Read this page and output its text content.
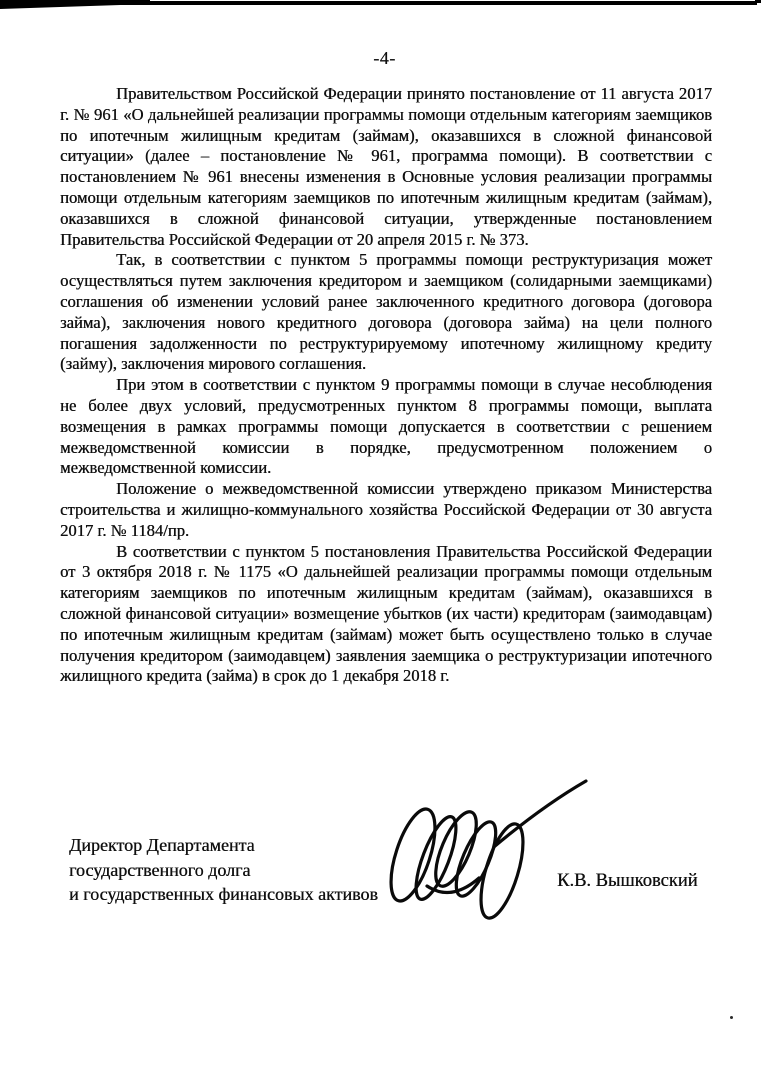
-4-

Правительством Российской Федерации принято постановление от 11 августа 2017 г. № 961 «О дальнейшей реализации программы помощи отдельным категориям заемщиков по ипотечным жилищным кредитам (займам), оказавшихся в сложной финансовой ситуации» (далее – постановление № 961, программа помощи). В соответствии с постановлением № 961 внесены изменения в Основные условия реализации программы помощи отдельным категориям заемщиков по ипотечным жилищным кредитам (займам), оказавшихся в сложной финансовой ситуации, утвержденные постановлением Правительства Российской Федерации от 20 апреля 2015 г. № 373.

Так, в соответствии с пунктом 5 программы помощи реструктуризация может осуществляться путем заключения кредитором и заемщиком (солидарными заемщиками) соглашения об изменении условий ранее заключенного кредитного договора (договора займа), заключения нового кредитного договора (договора займа) на цели полного погашения задолженности по реструктурируемому ипотечному жилищному кредиту (займу), заключения мирового соглашения.

При этом в соответствии с пунктом 9 программы помощи в случае несоблюдения не более двух условий, предусмотренных пунктом 8 программы помощи, выплата возмещения в рамках программы помощи допускается в соответствии с решением межведомственной комиссии в порядке, предусмотренном положением о межведомственной комиссии.

Положение о межведомственной комиссии утверждено приказом Министерства строительства и жилищно-коммунального хозяйства Российской Федерации от 30 августа 2017 г. № 1184/пр.

В соответствии с пунктом 5 постановления Правительства Российской Федерации от 3 октября 2018 г. № 1175 «О дальнейшей реализации программы помощи отдельным категориям заемщиков по ипотечным жилищным кредитам (займам), оказавшихся в сложной финансовой ситуации» возмещение убытков (их части) кредиторам (заимодавцам) по ипотечным жилищным кредитам (займам) может быть осуществлено только в случае получения кредитором (заимодавцем) заявления заемщика о реструктуризации ипотечного жилищного кредита (займа) в срок до 1 декабря 2018 г.

Директор Департамента
государственного долга
и государственных финансовых активов
К.В. Вышковский
